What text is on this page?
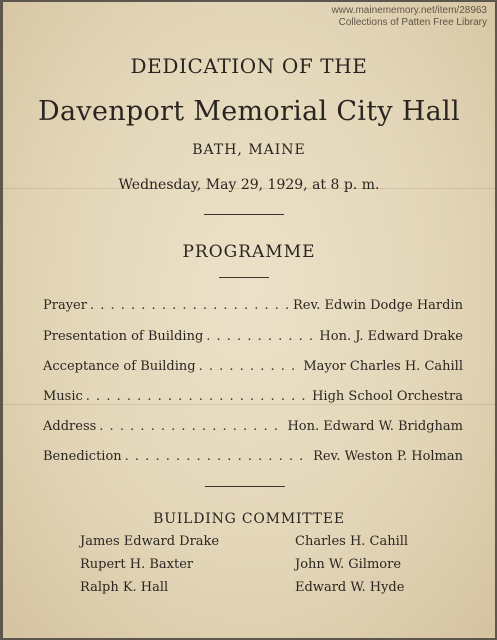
www.mainememory.net/item/28963
Collections of Patten Free Library
DEDICATION OF THE
Davenport Memorial City Hall
BATH, MAINE
Wednesday, May 29, 1929, at 8 p. m.
PROGRAMME
Prayer . . .	Rev. Edwin Dodge Hardin
Presentation of Building . . .	Hon. J. Edward Drake
Acceptance of Building . . .	Mayor Charles H. Cahill
Music . . .	High School Orchestra
Address . . .	Hon. Edward W. Bridgham
Benediction . . .	Rev. Weston P. Holman
BUILDING COMMITTEE
James Edward Drake	Charles H. Cahill
Rupert H. Baxter	John W. Gilmore
Ralph K. Hall	Edward W. Hyde
